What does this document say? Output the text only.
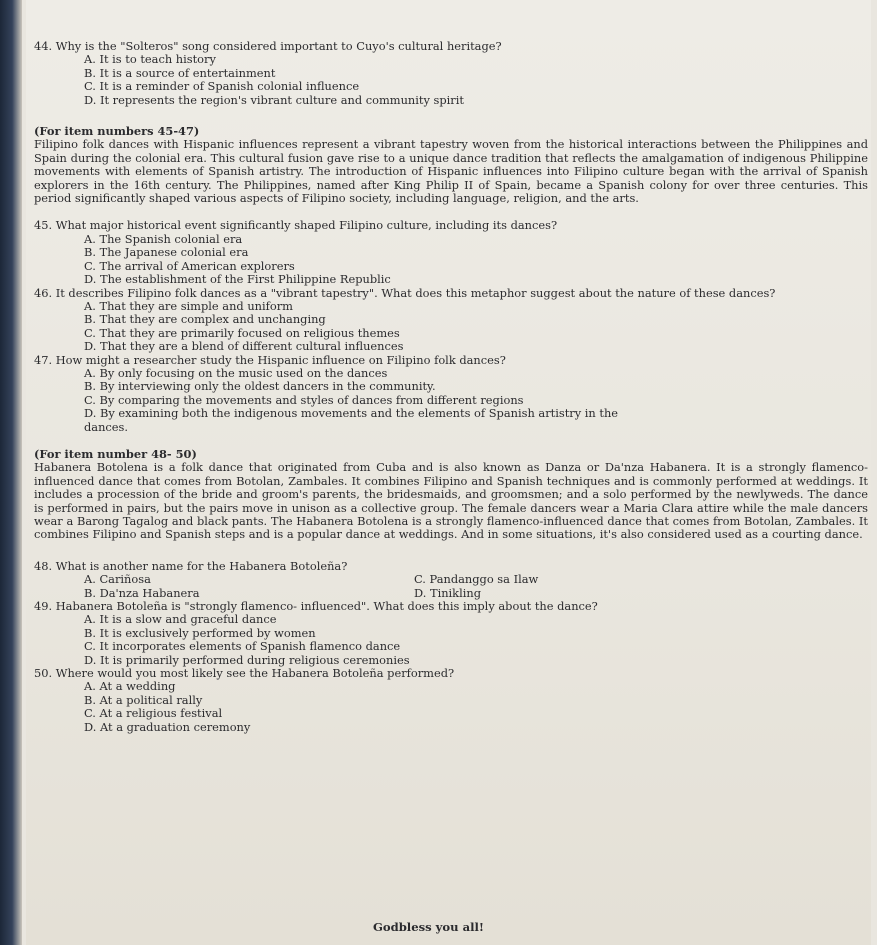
44. Why is the "Solteros" song considered important to Cuyo's cultural heritage?
A. It is to teach history
B. It is a source of entertainment
C. It is a reminder of Spanish colonial influence
D. It represents the region's vibrant culture and community spirit
(For item numbers 45-47)
Filipino folk dances with Hispanic influences represent a vibrant tapestry woven from the historical interactions between the Philippines and Spain during the colonial era. This cultural fusion gave rise to a unique dance tradition that reflects the amalgamation of indigenous Philippine movements with elements of Spanish artistry. The introduction of Hispanic influences into Filipino culture began with the arrival of Spanish explorers in the 16th century. The Philippines, named after King Philip II of Spain, became a Spanish colony for over three centuries. This period significantly shaped various aspects of Filipino society, including language, religion, and the arts.
45. What major historical event significantly shaped Filipino culture, including its dances?
A. The Spanish colonial era
B. The Japanese colonial era
C. The arrival of American explorers
D. The establishment of the First Philippine Republic
46. It describes Filipino folk dances as a "vibrant tapestry". What does this metaphor suggest about the nature of these dances?
A. That they are simple and uniform
B. That they are complex and unchanging
C. That they are primarily focused on religious themes
D. That they are a blend of different cultural influences
47. How might a researcher study the Hispanic influence on Filipino folk dances?
A. By only focusing on the music used on the dances
B. By interviewing only the oldest dancers in the community.
C. By comparing the movements and styles of dances from different regions
D. By examining both the indigenous movements and the elements of Spanish artistry in the dances.
(For item number 48- 50)
Habanera Botolena is a folk dance that originated from Cuba and is also known as Danza or Da'nza Habanera. It is a strongly flamenco-influenced dance that comes from Botolan, Zambales. It combines Filipino and Spanish techniques and is commonly performed at weddings. It includes a procession of the bride and groom's parents, the bridesmaids, and groomsmen; and a solo performed by the newlyweds. The dance is performed in pairs, but the pairs move in unison as a collective group. The female dancers wear a Maria Clara attire while the male dancers wear a Barong Tagalog and black pants. The Habanera Botolena is a strongly flamenco-influenced dance that comes from Botolan, Zambales. It combines Filipino and Spanish steps and is a popular dance at weddings. And in some situations, it's also considered used as a courting dance.
48. What is another name for the Habanera Botoleña?
A. Cariñosa	C. Pandanggo sa Ilaw
B. Da'nza Habanera	D. Tinikling
49. Habanera Botoleña is "strongly flamenco- influenced". What does this imply about the dance?
A. It is a slow and graceful dance
B. It is exclusively performed by women
C. It incorporates elements of Spanish flamenco dance
D. It is primarily performed during religious ceremonies
50. Where would you most likely see the Habanera Botoleña performed?
A. At a wedding
B. At a political rally
C. At a religious festival
D. At a graduation ceremony
Godbless you all!
